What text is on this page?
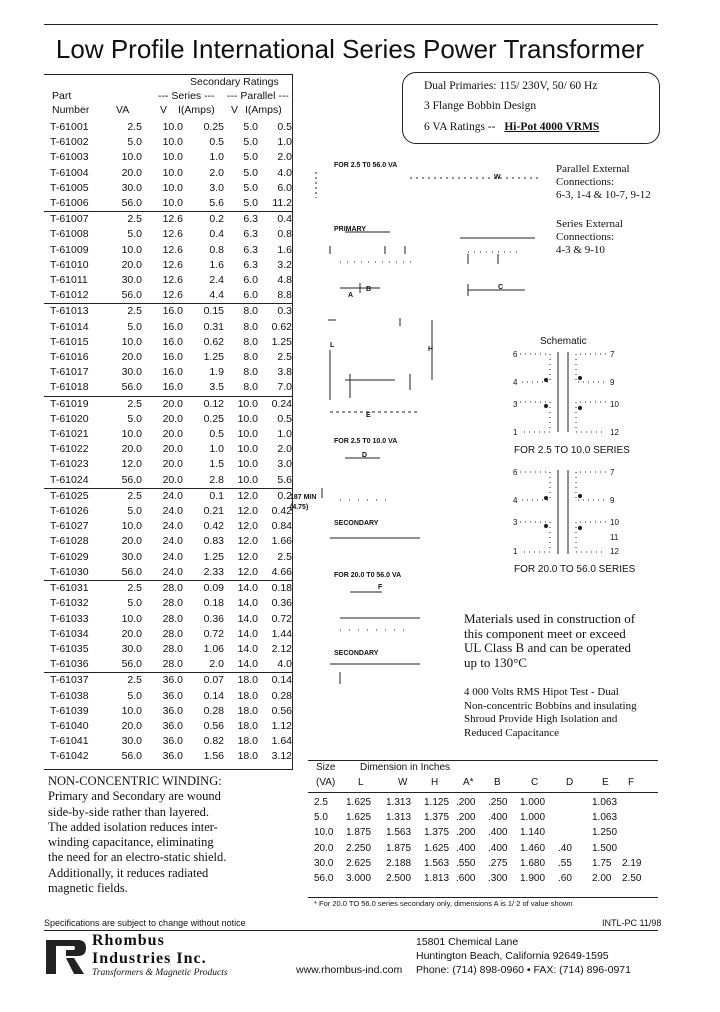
Low Profile International Series Power Transformer
Secondary Ratings
Part	--- Series --- --- Parallel ---
Number	VA	V I(Amps) V I(Amps)
T-61001	2.5	10.0	0.25	5.0	0.5
T-61002	5.0	10.0	0.5	5.0	1.0
T-61003	10.0	10.0	1.0	5.0	2.0
T-61004	20.0	10.0	2.0	5.0	4.0
T-61005	30.0	10.0	3.0	5.0	6.0
T-61006	56.0	10.0	5.6	5.0	11.2
T-61007	2.5	12.6	0.2	6.3	0.4
T-61008	5.0	12.6	0.4	6.3	0.8
T-61009	10.0	12.6	0.8	6.3	1.6
T-61010	20.0	12.6	1.6	6.3	3.2
T-61011	30.0	12.6	2.4	6.0	4.8
T-61012	56.0	12.6	4.4	6.0	8.8
T-61013	2.5	16.0	0.15	8.0	0.3
T-61014	5.0	16.0	0.31	8.0	0.62
T-61015	10.0	16.0	0.62	8.0	1.25
T-61016	20.0	16.0	1.25	8.0	2.5
T-61017	30.0	16.0	1.9	8.0	3.8
T-61018	56.0	16.0	3.5	8.0	7.0
T-61019	2.5	20.0	0.12	10.0	0.24
T-61020	5.0	20.0	0.25	10.0	0.5
T-61021	10.0	20.0	0.5	10.0	1.0
T-61022	20.0	20.0	1.0	10.0	2.0
T-61023	12.0	20.0	1.5	10.0	3.0
T-61024	56.0	20.0	2.8	10.0	5.6
T-61025	2.5	24.0	0.1	12.0	0.2
T-61026	5.0	24.0	0.21	12.0	0.42
T-61027	10.0	24.0	0.42	12.0	0.84
T-61028	20.0	24.0	0.83	12.0	1.66
T-61029	30.0	24.0	1.25	12.0	2.5
T-61030	56.0	24.0	2.33	12.0	4.66
T-61031	2.5	28.0	0.09	14.0	0.18
T-61032	5.0	28.0	0.18	14.0	0.36
T-61033	10.0	28.0	0.36	14.0	0.72
T-61034	20.0	28.0	0.72	14.0	1.44
T-61035	30.0	28.0	1.06	14.0	2.12
T-61036	56.0	28.0	2.0	14.0	4.0
T-61037	2.5	36.0	0.07	18.0	0.14
T-61038	5.0	36.0	0.14	18.0	0.28
T-61039	10.0	36.0	0.28	18.0	0.56
T-61040	20.0	36.0	0.56	18.0	1.12
T-61041	30.0	36.0	0.82	18.0	1.64
T-61042	56.0	36.0	1.56	18.0	3.12
Dual Primaries: 115/ 230V, 50/ 60 Hz
3 Flange Bobbin Design
6 VA Ratings -- Hi-Pot 4000 VRMS
Parallel External
Connections:
6-3, 1-4 & 10-7, 9-12
Series External
Connections:
4-3 & 9-10
FOR 2.5 T0 56.0 VA
W
PRIMARY
A
B	C
H
L
E
FOR 2.5 T0 10.0 VA
D
.187 MIN
(4.75)
SECONDARY
FOR 20.0 T0 56.0 VA
F
SECONDARY
Schematic
6
4
3
1
7
9
10
12
FOR 2.5 TO 10.0 SERIES
6
4
3
1
7
9
10
11
12
FOR 20.0 TO 56.0 SERIES
Materials used in construction of
this component meet or exceed
UL Class B and can be operated
up to 130°C
4 000 Volts RMS Hipot Test - Dual
Non-concentric Bobbins and insulating
Shroud Provide High Isolation and
Reduced Capacitance
NON-CONCENTRIC WINDING:
Primary and Secondary are wound
side-by-side rather than layered.
The added isolation reduces inter-
winding capacitance, eliminating
the need for an electro-static shield.
Additionally, it reduces radiated
magnetic fields.
Size Dimension in Inches
(VA) L	W H A* B	C	D	E F
2.5	1.625	1.313	1.125	.200	.250	1.000		1.063	
5.0	1.625	1.313	1.375	.200	.400	1.000		1.063	
10.0	1.875	1.563	1.375	.200	.400	1.140		1.250	
20.0	2.250	1.875	1.625	.400	.400	1.460	.40	1.500	
30.0	2.625	2.188	1.563	.550	.275	1.680	.55	1.75	2.19
56.0	3.000	2.500	1.813	.600	.300	1.900	.60	2.00	2.50
* For 20.0 TO 56.0 series secondary only, dimensions A is 1/ 2 of value shown
Specifications are subject to change without notice	INTL-PC 11/98
Rhombus
Industries Inc.
Transformers & Magnetic Products
15801 Chemical Lane
Huntington Beach, California 92649-1595
www.rhombus-ind.com Phone: (714) 898-0960 • FAX: (714) 896-0971
